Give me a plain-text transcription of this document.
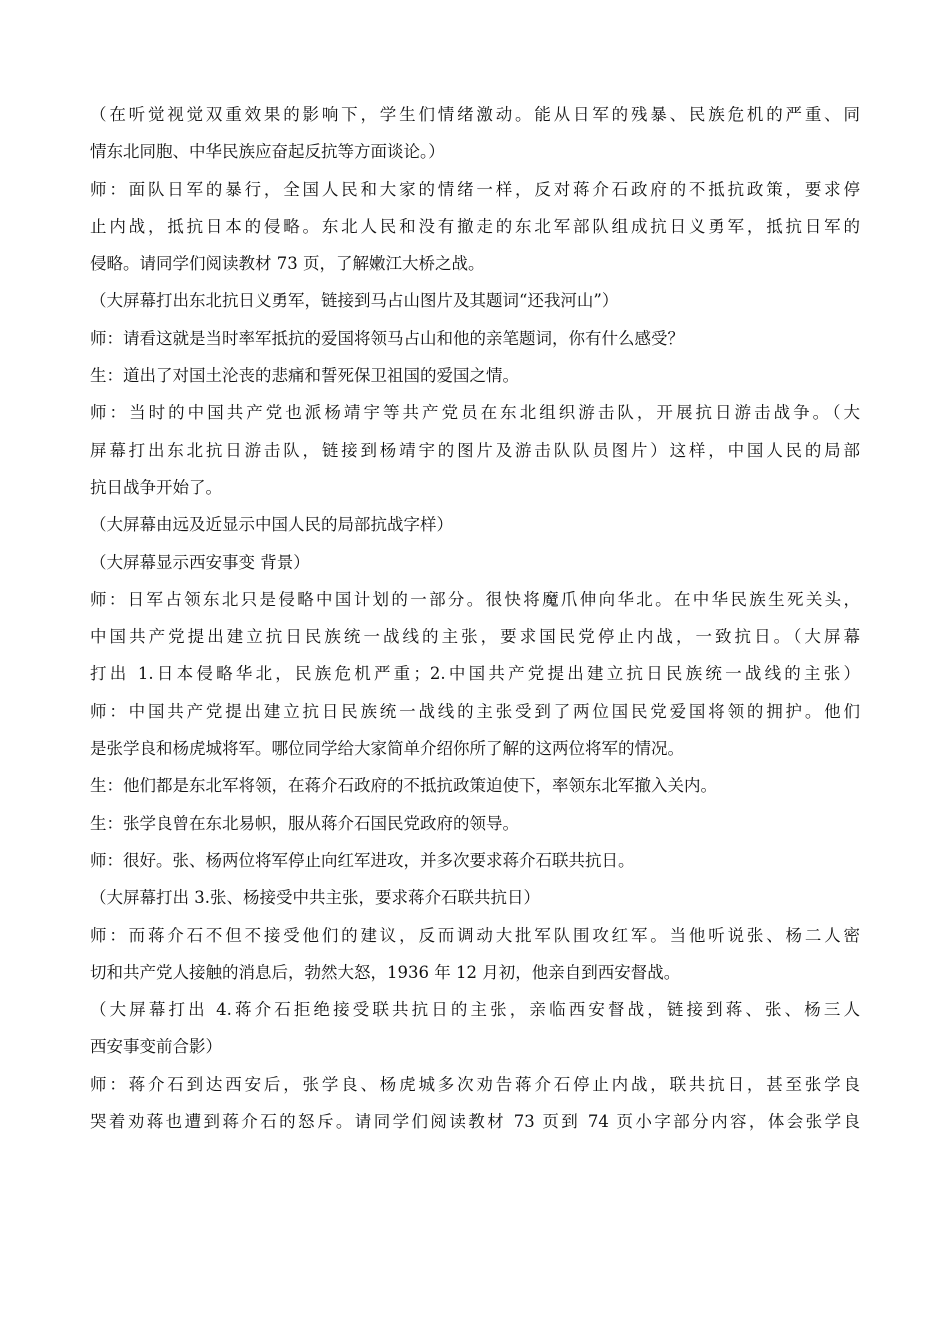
（在听觉视觉双重效果的影响下，学生们情绪激动。能从日军的残暴、民族危机的严重、同
情东北同胞、中华民族应奋起反抗等方面谈论。）
师：面队日军的暴行，全国人民和大家的情绪一样，反对蒋介石政府的不抵抗政策，要求停
止内战，抵抗日本的侵略。东北人民和没有撤走的东北军部队组成抗日义勇军，抵抗日军的
侵略。请同学们阅读教材 73 页，了解嫩江大桥之战。
（大屏幕打出东北抗日义勇军，链接到马占山图片及其题词“还我河山”）
师：请看这就是当时率军抵抗的爱国将领马占山和他的亲笔题词，你有什么感受？
生：道出了对国土沦丧的悲痛和誓死保卫祖国的爱国之情。
师：当时的中国共产党也派杨靖宇等共产党员在东北组织游击队，开展抗日游击战争。（大
屏幕打出东北抗日游击队，链接到杨靖宇的图片及游击队队员图片）这样，中国人民的局部
抗日战争开始了。
（大屏幕由远及近显示中国人民的局部抗战字样）
（大屏幕显示西安事变 背景）
师：日军占领东北只是侵略中国计划的一部分。很快将魔爪伸向华北。在中华民族生死关头，
中国共产党提出建立抗日民族统一战线的主张，要求国民党停止内战，一致抗日。（大屏幕
打出 1.日本侵略华北，民族危机严重；2.中国共产党提出建立抗日民族统一战线的主张）
师：中国共产党提出建立抗日民族统一战线的主张受到了两位国民党爱国将领的拥护。他们
是张学良和杨虎城将军。哪位同学给大家简单介绍你所了解的这两位将军的情况。
生：他们都是东北军将领，在蒋介石政府的不抵抗政策迫使下，率领东北军撤入关内。
生：张学良曾在东北易帜，服从蒋介石国民党政府的领导。
师：很好。张、杨两位将军停止向红军进攻，并多次要求蒋介石联共抗日。
（大屏幕打出 3.张、杨接受中共主张，要求蒋介石联共抗日）
师：而蒋介石不但不接受他们的建议，反而调动大批军队围攻红军。当他听说张、杨二人密
切和共产党人接触的消息后，勃然大怒，1936 年 12 月初，他亲自到西安督战。
（大屏幕打出 4.蒋介石拒绝接受联共抗日的主张，亲临西安督战，链接到蒋、张、杨三人
西安事变前合影）
师：蒋介石到达西安后，张学良、杨虎城多次劝告蒋介石停止内战，联共抗日，甚至张学良
哭着劝蒋也遭到蒋介石的怒斥。请同学们阅读教材 73 页到 74 页小字部分内容，体会张学良
